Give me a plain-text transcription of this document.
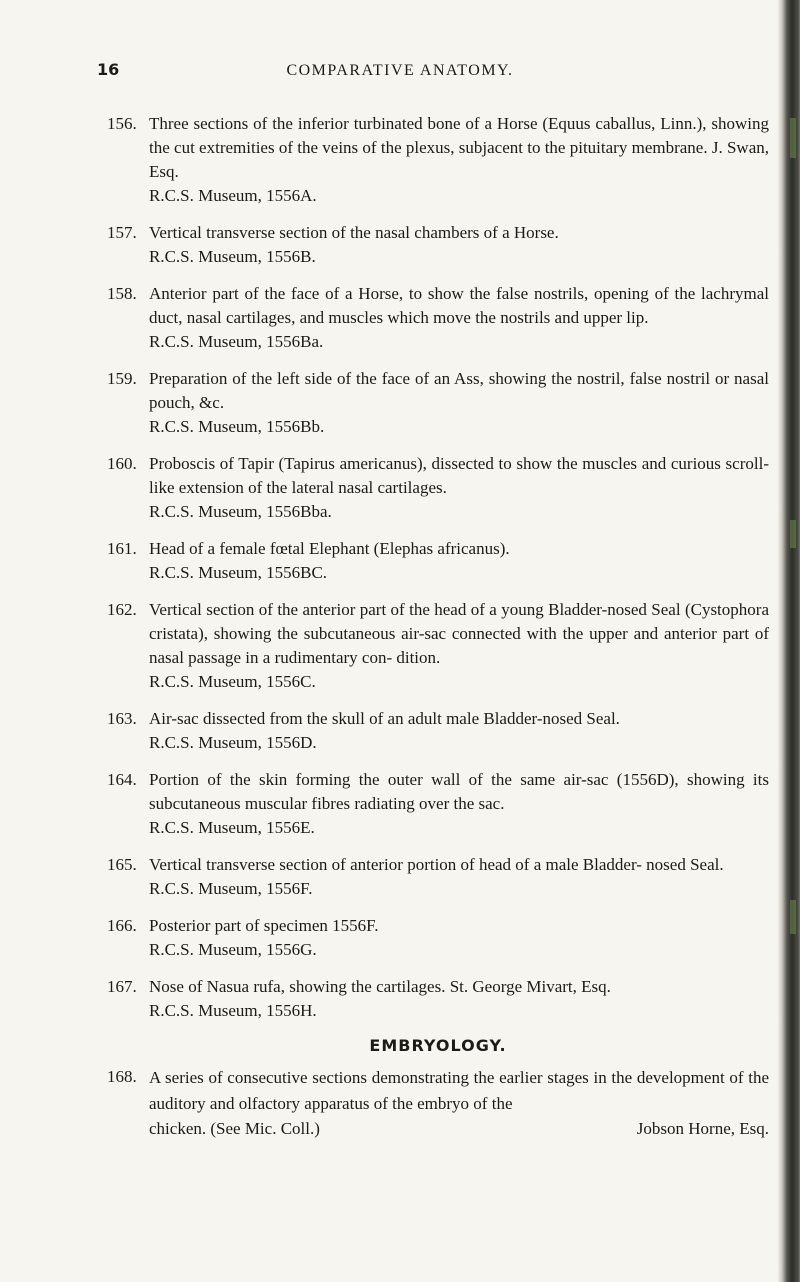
16	COMPARATIVE ANATOMY.
156. Three sections of the inferior turbinated bone of a Horse (Equus caballus, Linn.), showing the cut extremities of the veins of the plexus, subjacent to the pituitary membrane. J. Swan, Esq.
R.C.S. Museum, 1556A.
157. Vertical transverse section of the nasal chambers of a Horse.
R.C.S. Museum, 1556B.
158. Anterior part of the face of a Horse, to show the false nostrils, opening of the lachrymal duct, nasal cartilages, and muscles which move the nostrils and upper lip.
R.C.S. Museum, 1556Ba.
159. Preparation of the left side of the face of an Ass, showing the nostril, false nostril or nasal pouch, &c.
R.C.S. Museum, 1556Bb.
160. Proboscis of Tapir (Tapirus americanus), dissected to show the muscles and curious scroll-like extension of the lateral nasal cartilages.
R.C.S. Museum, 1556Bba.
161. Head of a female fœtal Elephant (Elephas africanus).
R.C.S. Museum, 1556BC.
162. Vertical section of the anterior part of the head of a young Bladder-nosed Seal (Cystophora cristata), showing the subcutaneous air-sac connected with the upper and anterior part of nasal passage in a rudimentary con- dition.
R.C.S. Museum, 1556C.
163. Air-sac dissected from the skull of an adult male Bladder-nosed Seal.
R.C.S. Museum, 1556D.
164. Portion of the skin forming the outer wall of the same air-sac (1556D), showing its subcutaneous muscular fibres radiating over the sac.
R.C.S. Museum, 1556E.
165. Vertical transverse section of anterior portion of head of a male Bladder- nosed Seal.
R.C.S. Museum, 1556F.
166. Posterior part of specimen 1556F.
R.C.S. Museum, 1556G.
167. Nose of Nasua rufa, showing the cartilages. St. George Mivart, Esq.
R.C.S. Museum, 1556H.
EMBRYOLOGY.
168. A series of consecutive sections demonstrating the earlier stages in the development of the auditory and olfactory apparatus of the embryo of the
chicken. (See Mic. Coll.)	Jobson Horne, Esq.
